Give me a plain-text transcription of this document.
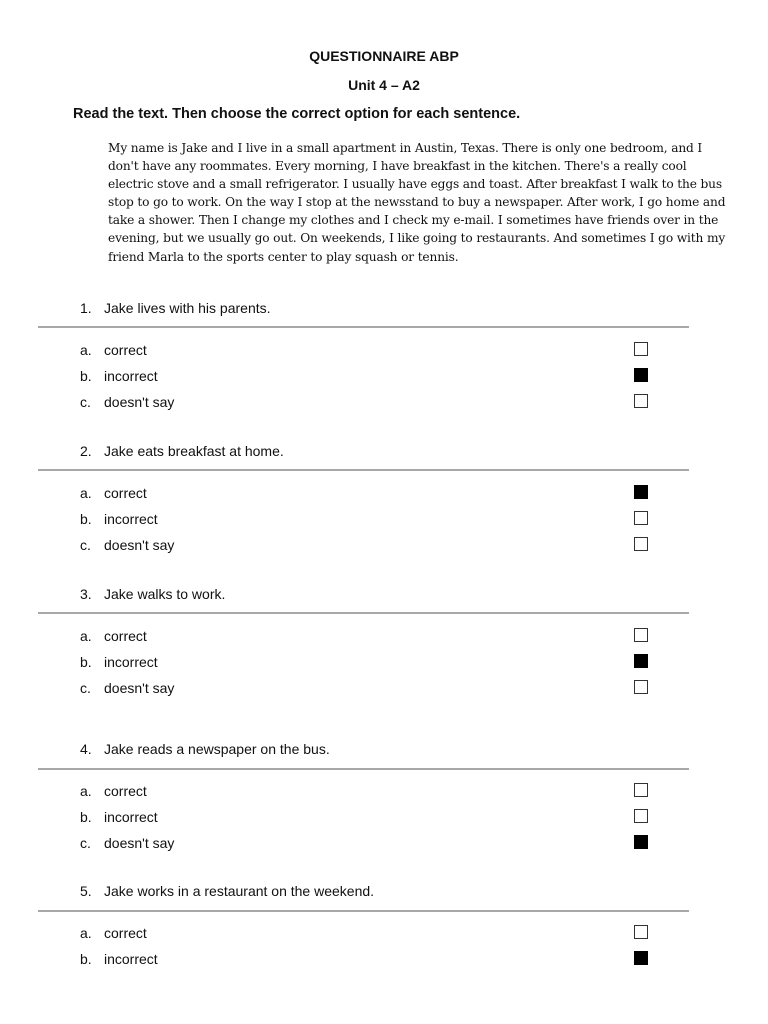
QUESTIONNAIRE ABP
Unit 4 – A2
Read the text. Then choose the correct option for each sentence.
My name is Jake and I live in a small apartment in Austin, Texas. There is only one bedroom, and I don't have any roommates. Every morning, I have breakfast in the kitchen. There's a really cool electric stove and a small refrigerator. I usually have eggs and toast. After breakfast I walk to the bus stop to go to work. On the way I stop at the newsstand to buy a newspaper. After work, I go home and take a shower. Then I change my clothes and I check my e-mail. I sometimes have friends over in the evening, but we usually go out. On weekends, I like going to restaurants. And sometimes I go with my friend Marla to the sports center to play squash or tennis.
1. Jake lives with his parents.
a. correct
b. incorrect
c. doesn't say
2. Jake eats breakfast at home.
a. correct
b. incorrect
c. doesn't say
3. Jake walks to work.
a. correct
b. incorrect
c. doesn't say
4. Jake reads a newspaper on the bus.
a. correct
b. incorrect
c. doesn't say
5. Jake works in a restaurant on the weekend.
a. correct
b. incorrect
